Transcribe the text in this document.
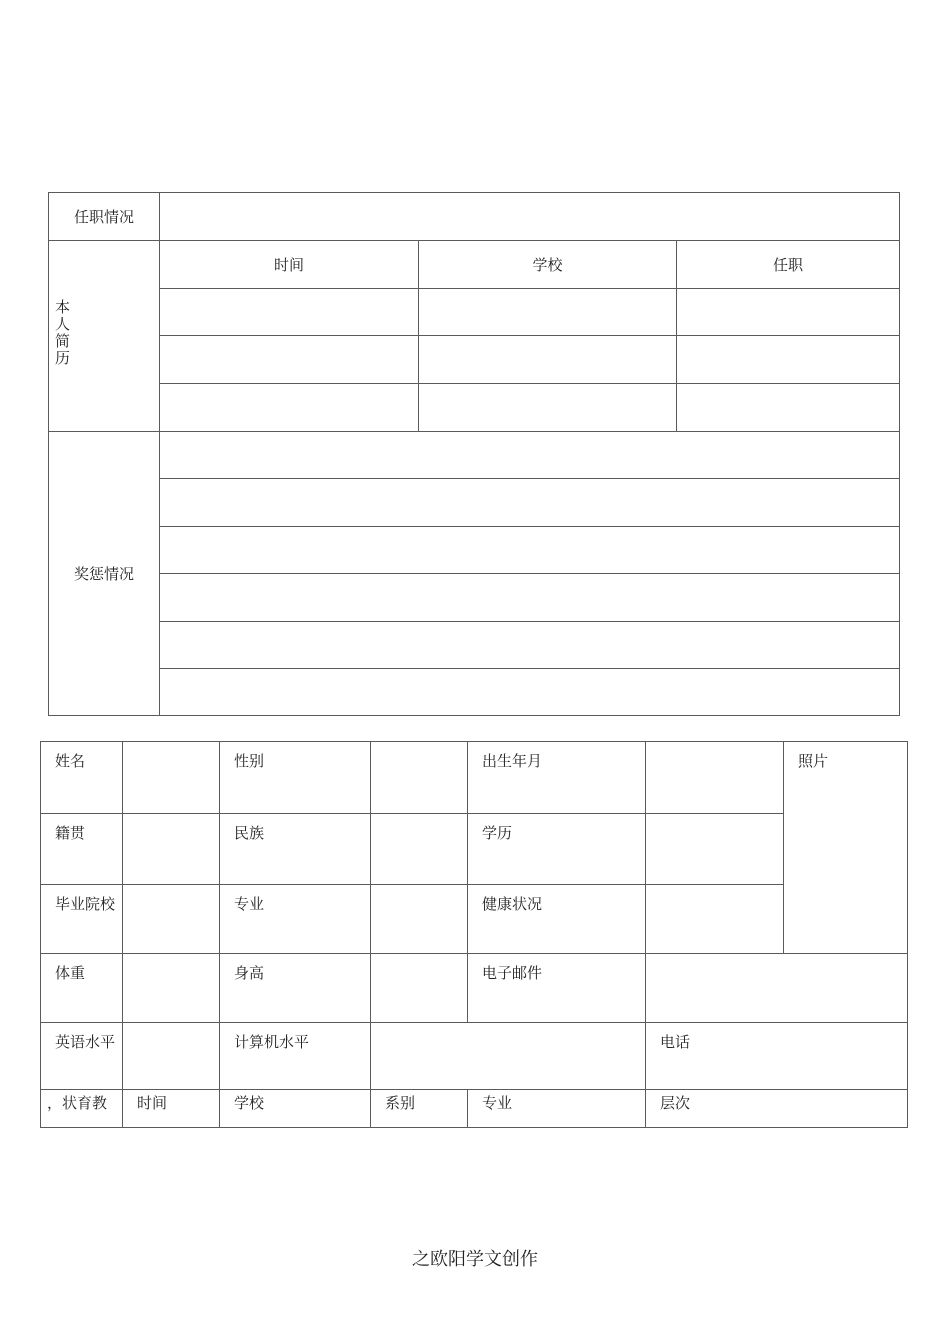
任职情况			

本人简历	时间	学校	任职

奖惩情况			

姓名		性别		出生年月		照片
籍贯		民族		学历		
毕业院校		专业		健康状况		
体重		身高		电子邮件		
英语水平		计算机水平			电话	
，状育教	时间	学校	系别	专业	层次	
之欧阳学文创作
